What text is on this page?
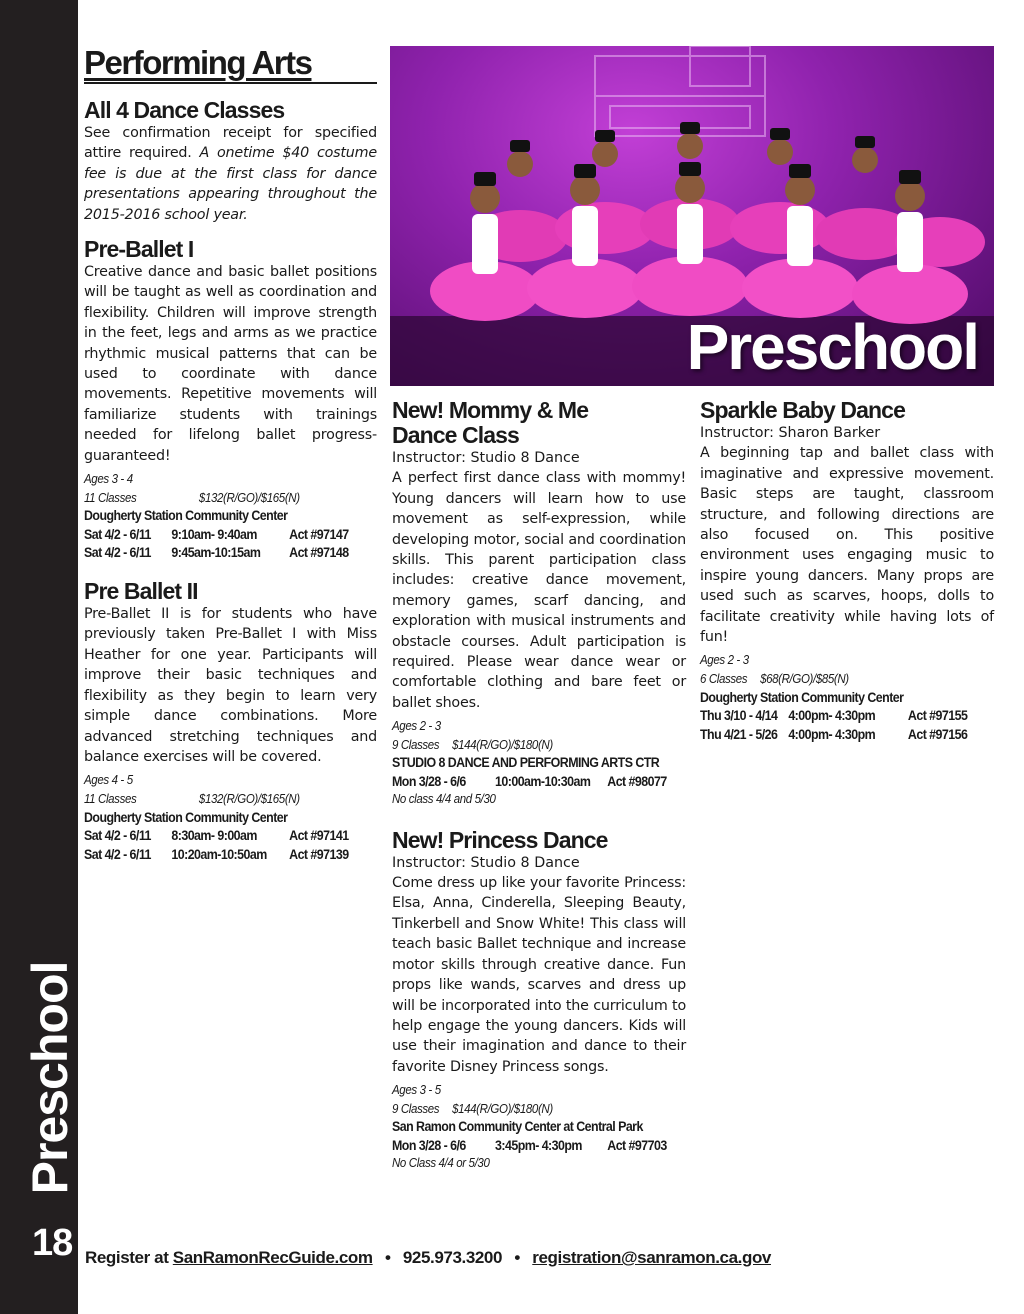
Preschool
18
Performing Arts
All 4 Dance Classes

See confirmation receipt for specified attire required. A onetime $40 costume fee is due at the first class for dance presentations appearing throughout the 2015-2016 school year.

Pre-Ballet I

Creative dance and basic ballet positions will be taught as well as coordination and flexibility. Children will improve strength in the feet, legs and arms as we practice rhythmic musical patterns that can be used to coordinate with dance movements. Repetitive movements will familiarize students with trainings needed for lifelong ballet progress- guaranteed!

Ages 3 - 4
11 Classes	$132(R/GO)/$165(N)
Dougherty Station Community Center
Sat 4/2 - 6/11 9:10am- 9:40am Act #97147
Sat 4/2 - 6/11 9:45am-10:15am Act #97148
Pre Ballet II

Pre-Ballet II is for students who have previously taken Pre-Ballet I with Miss Heather for one year. Participants will improve their basic techniques and flexibility as they begin to learn very simple dance combinations. More advanced stretching techniques and balance exercises will be covered.

Ages 4 - 5
11 Classes	$132(R/GO)/$165(N)
Dougherty Station Community Center
Sat 4/2 - 6/11 8:30am- 9:00am Act #97141
Sat 4/2 - 6/11 10:20am-10:50am Act #97139
Preschool
New! Mommy & Me
Dance Class
Instructor: Studio 8 Dance

A perfect first dance class with mommy! Young dancers will learn how to use movement as self-expression, while developing motor, social and coordination skills. This parent participation class includes: creative dance movement, memory games, scarf dancing, and exploration with musical instruments and obstacle courses. Adult participation is required. Please wear dance wear or comfortable clothing and bare feet or ballet shoes.

Ages 2 - 3
9 Classes $144(R/GO)/$180(N)
STUDIO 8 DANCE AND PERFORMING ARTS CTR
Mon 3/28 - 6/6 10:00am-10:30am Act #98077
No class 4/4 and 5/30
New! Princess Dance
Instructor: Studio 8 Dance

Come dress up like your favorite Princess: Elsa, Anna, Cinderella, Sleeping Beauty, Tinkerbell and Snow White! This class will teach basic Ballet technique and increase motor skills through creative dance. Fun props like wands, scarves and dress up will be incorporated into the curriculum to help engage the young dancers. Kids will use their imagination and dance to their favorite Disney Princess songs.

Ages 3 - 5
9 Classes $144(R/GO)/$180(N)
San Ramon Community Center at Central Park
Mon 3/28 - 6/6 3:45pm- 4:30pm Act #97703
No Class 4/4 or 5/30
Sparkle Baby Dance
Instructor: Sharon Barker

A beginning tap and ballet class with imaginative and expressive movement. Basic steps are taught, classroom structure, and following directions are also focused on. This positive environment uses engaging music to inspire young dancers. Many props are used such as scarves, hoops, dolls to facilitate creativity while having lots of fun!

Ages 2 - 3
6 Classes $68(R/GO)/$85(N)
Dougherty Station Community Center
Thu 3/10 - 4/14 4:00pm- 4:30pm Act #97155
Thu 4/21 - 5/26 4:00pm- 4:30pm Act #97156
Register at SanRamonRecGuide.com • 925.973.3200 • registration@sanramon.ca.gov
